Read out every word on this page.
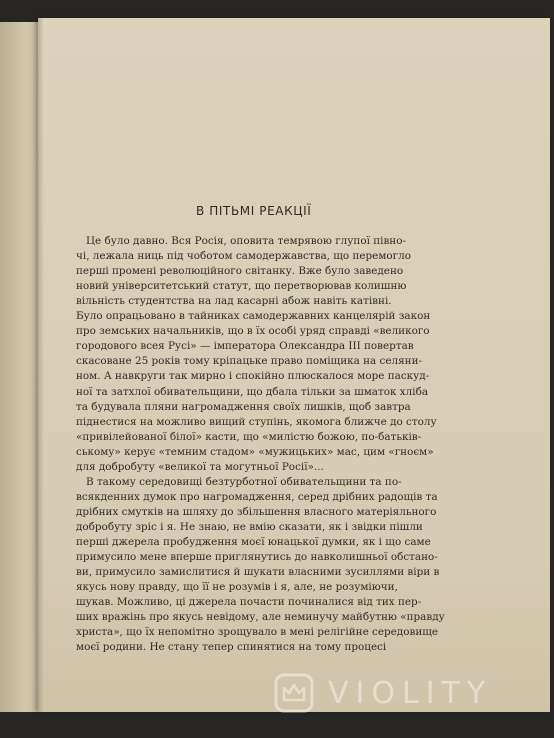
В ПІТЬМІ РЕАКЦІЇ
Це було давно. Вся Росія, оповита темрявою глупої півно-
чі, лежала ниць під чоботом самодержавства, що перемогло
перші промені революційного світанку. Вже було заведено
новий університетський статут, що перетворював колишню
вільність студентства на лад касарні абож навіть катівні.
Було опрацьовано в тайниках самодержавних канцелярій закон
про земських начальників, що в їх особі уряд справді «великого
городового всея Русі» — імператора Олександра ІІІ повертав
скасоване 25 років тому кріпацьке право поміщика на селяни-
ном. А навкруги так мирно і спокійно плюскалося море паскуд-
ної та затхлої обивательщини, що дбала тільки за шматок хліба
та будувала пляни нагромадження своїх лишків, щоб завтра
піднестися на можливо вищий ступінь, якомога ближче до столу
«привілейованої білої» касти, що «милістю божою, по-батьків-
ському» керує «темним стадом» «мужицьких» мас, цим «гноєм»
для добробуту «великої та могутньої Росії»...
В такому середовищі безтурботної обивательщини та по-
всякденних думок про нагромадження, серед дрібних радощів та
дрібних смутків на шляху до збільшення власного матеріяльного
добробуту зріс і я. Не знаю, не вмію сказати, як і звідки пішли
перші джерела пробудження моєї юнацької думки, як і що саме
примусило мене вперше приглянутись до навколишньої обстано-
ви, примусило замислитися й шукати власними зусиллями віри в
якусь нову правду, що її не розумів і я, але, не розуміючи,
шукав. Можливо, ці джерела почасти починалися від тих пер-
ших вражінь про якусь невідому, але неминучу майбутню «правду
христа», що їх непомітно зрощувало в мені релігійне середовище
моєї родини. Не стану тепер спинятися на тому процесі
VIOLITY
